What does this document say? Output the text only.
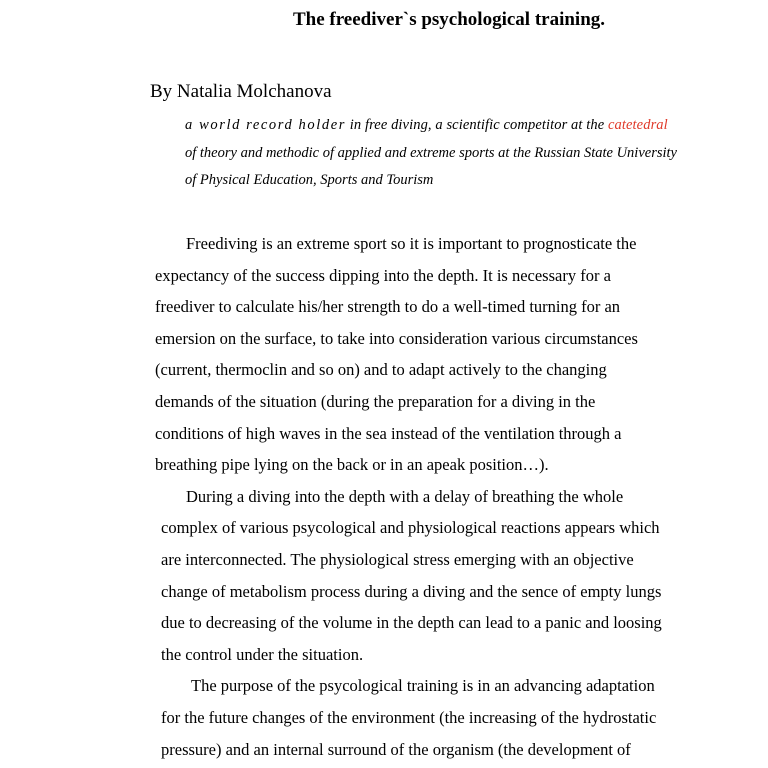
The freediver`s psychological training.
By Natalia Molchanova
a world record holder in free diving, a scientific competitor at the catetedral
of theory and methodic of applied and extreme sports at the Russian State University
of Physical Education, Sports and Tourism
Freediving is an extreme sport so it is important to prognosticate the
expectancy of the success dipping into the depth. It is necessary for a
freediver to calculate his/her strength to do a well-timed turning for an
emersion on the surface, to take into consideration various circumstances
(current, thermoclin and so on) and to adapt actively to the changing
demands of the situation (during the preparation for a diving in the
conditions of high waves in the sea instead of the ventilation through a
breathing pipe lying on the back or in an apeak position…).
During a diving into the depth with a delay of breathing the whole
complex of various psycological and physiological reactions appears which
are interconnected. The physiological stress emerging with an objective
change of metabolism process during a diving and the sence of empty lungs
due to decreasing of the volume in the depth can lead to a panic and loosing
the control under the situation.
The purpose of the psycological training is in an advancing adaptation
for the future changes of the environment (the increasing of the hydrostatic
pressure) and an internal surround of the organism (the development of
